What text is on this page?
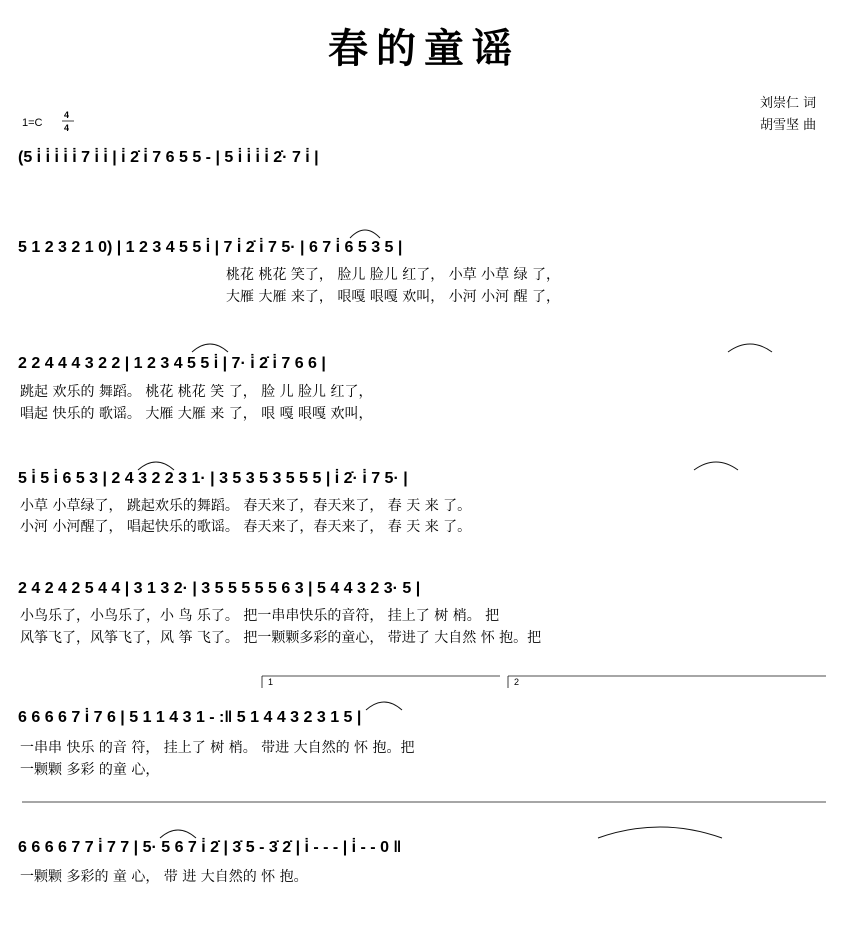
春的童谣
刘崇仁 词
胡雪坚 曲
1=C
4
4
(5 i̇ i̇ i̇ i̇ i̇ 7 i̇ i̇ | i̇ 2̇ i̇ 7 6 5 5 - | 5 i̇ i̇ i̇ i̇ 2̇· 7 i̇ |
5 1 2 3 2 1 0) | 1 2 3 4 5 5 i̇ | 7 i̇ 2̇ i̇ 7 5· | 6 7 i̇ 6 5 3 5 |
桃花 桃花 笑了， 脸儿 脸儿 红了， 小草 小草 绿 了，
大雁 大雁 来了， 哏嘎 哏嘎 欢叫， 小河 小河 醒 了，
2 2 4 4 4 3 2 2 | 1 2 3 4 5 5 i̇ | 7· i̇ 2̇ i̇ 7 6 6 |
跳起 欢乐的 舞蹈。 桃花 桃花 笑 了， 脸 儿 脸儿 红了，
唱起 快乐的 歌谣。 大雁 大雁 来 了， 哏 嘎 哏嘎 欢叫，
5 i̇ 5 i̇ 6 5 3 | 2 4 3 2 2 3 1· | 3 5 3 5 3 5 5 5 | i̇ 2̇· i̇ 7 5· |
小草 小草绿了， 跳起欢乐的舞蹈。 春天来了，春天来了， 春 天 来 了。
小河 小河醒了， 唱起快乐的歌谣。 春天来了，春天来了， 春 天 来 了。
2 4 2 4 2 5 4 4 | 3 1 3 2· | 3 5 5 5 5 5 6 3 | 5 4 4 3 2 3· 5 |
小鸟乐了，小鸟乐了，小 鸟 乐了。 把一串串快乐的音符， 挂上了 树 梢。 把
风筝飞了，风筝飞了，风 筝 飞了。 把一颗颗多彩的童心， 带进了 大自然 怀 抱。把
1	2
6 6 6 6 7 i̇ 7 6 | 5 1 1 4 3 1 - :‖ 5 1 4 4 3 2 3 1 5 |
一串串 快乐 的音 符， 挂上了 树 梢。 带进 大自然的 怀 抱。把
一颗颗 多彩 的童 心，
6 6 6 6 7 7 i̇ 7 7 | 5· 5 6 7 i̇ 2̇ | 3̇ 5 - 3̇ 2̇ | i̇ - - - | i̇ - - 0 ‖
一颗颗 多彩的 童 心， 带 进 大自然的 怀 抱。
